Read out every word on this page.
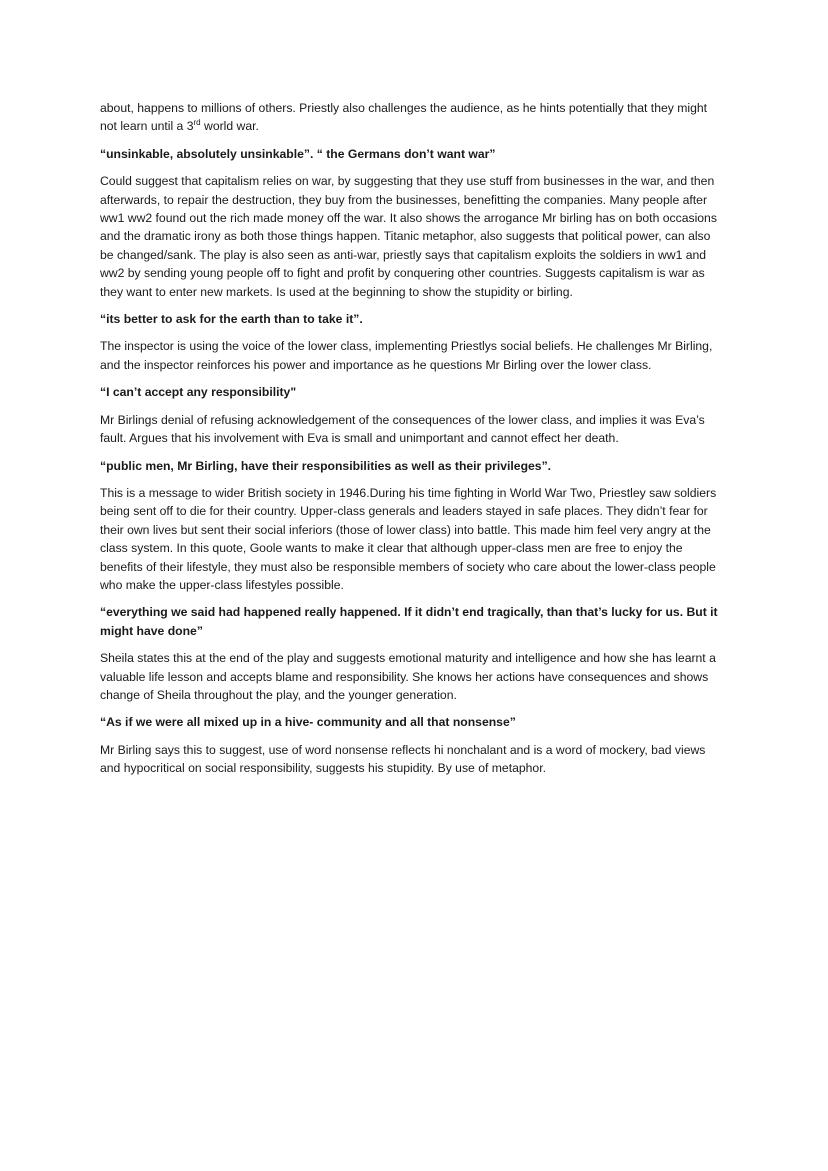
about, happens to millions of others. Priestly also challenges the audience, as he hints potentially that they might not learn until a 3rd world war.

“unsinkable, absolutely unsinkable”. “ the Germans don’t want war”

Could suggest that capitalism relies on war, by suggesting that they use stuff from businesses in the war, and then afterwards, to repair the destruction, they buy from the businesses, benefitting the companies. Many people after ww1 ww2 found out the rich made money off the war. It also shows the arrogance Mr birling has on both occasions and the dramatic irony as both those things happen. Titanic metaphor, also suggests that political power, can also be changed/sank. The play is also seen as anti-war, priestly says that capitalism exploits the soldiers in ww1 and ww2 by sending young people off to fight and profit by conquering other countries. Suggests capitalism is war as they want to enter new markets. Is used at the beginning to show the stupidity or birling.

“its better to ask for the earth than to take it”.

The inspector is using the voice of the lower class, implementing Priestlys social beliefs. He challenges Mr Birling, and the inspector reinforces his power and importance as he questions Mr Birling over the lower class.

“I can’t accept any responsibility"

Mr Birlings denial of refusing acknowledgement of the consequences of the lower class, and implies it was Eva’s fault. Argues that his involvement with Eva is small and unimportant and cannot effect her death.

“public men, Mr Birling, have their responsibilities as well as their privileges”.

This is a message to wider British society in 1946.During his time fighting in World War Two, Priestley saw soldiers being sent off to die for their country. Upper-class generals and leaders stayed in safe places. They didn’t fear for their own lives but sent their social inferiors (those of lower class) into battle. This made him feel very angry at the class system. In this quote, Goole wants to make it clear that although upper-class men are free to enjoy the benefits of their lifestyle, they must also be responsible members of society who care about the lower-class people who make the upper-class lifestyles possible.

“everything we said had happened really happened. If it didn’t end tragically, than that’s lucky for us. But it might have done”

Sheila states this at the end of the play and suggests emotional maturity and intelligence and how she has learnt a valuable life lesson and accepts blame and responsibility. She knows her actions have consequences and shows change of Sheila throughout the play, and the younger generation.

“As if we were all mixed up in a hive- community and all that nonsense”

Mr Birling says this to suggest, use of word nonsense reflects hi nonchalant and is a word of mockery, bad views and hypocritical on social responsibility, suggests his stupidity. By use of metaphor.
